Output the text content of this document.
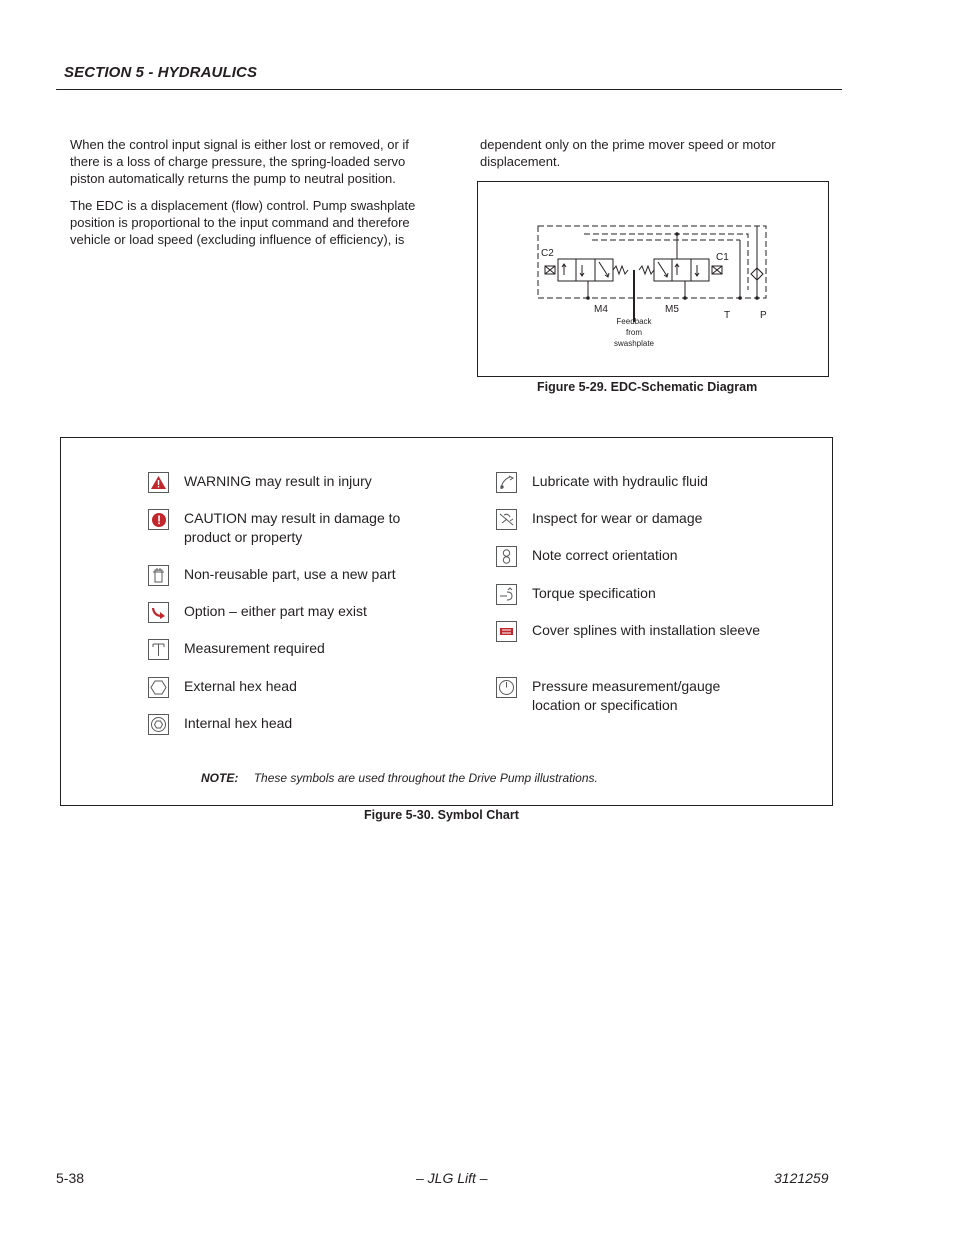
SECTION 5 - HYDRAULICS

When the control input signal is either lost or removed, or if there is a loss of charge pressure, the spring-loaded servo piston automatically returns the pump to neutral position.

The EDC is a displacement (flow) control. Pump swashplate position is proportional to the input command and therefore vehicle or load speed (excluding influence of efficiency), is

dependent only on the prime mover speed or motor displacement.

C2	C1
M4	M5
T	P
Feedback
from
swashplate
Figure 5-29. EDC-Schematic Diagram
WARNING may result in injury
CAUTION may result in damage to product or property
Non-reusable part, use a new part
Option – either part may exist
Measurement required
External hex head
Internal hex head
Lubricate with hydraulic fluid
Inspect for wear or damage
Note correct orientation
Torque specification
Cover splines with installation sleeve
Pressure measurement/gauge location or specification
NOTE: These symbols are used throughout the Drive Pump illustrations.
Figure 5-30. Symbol Chart
5-38	– JLG Lift –	3121259
